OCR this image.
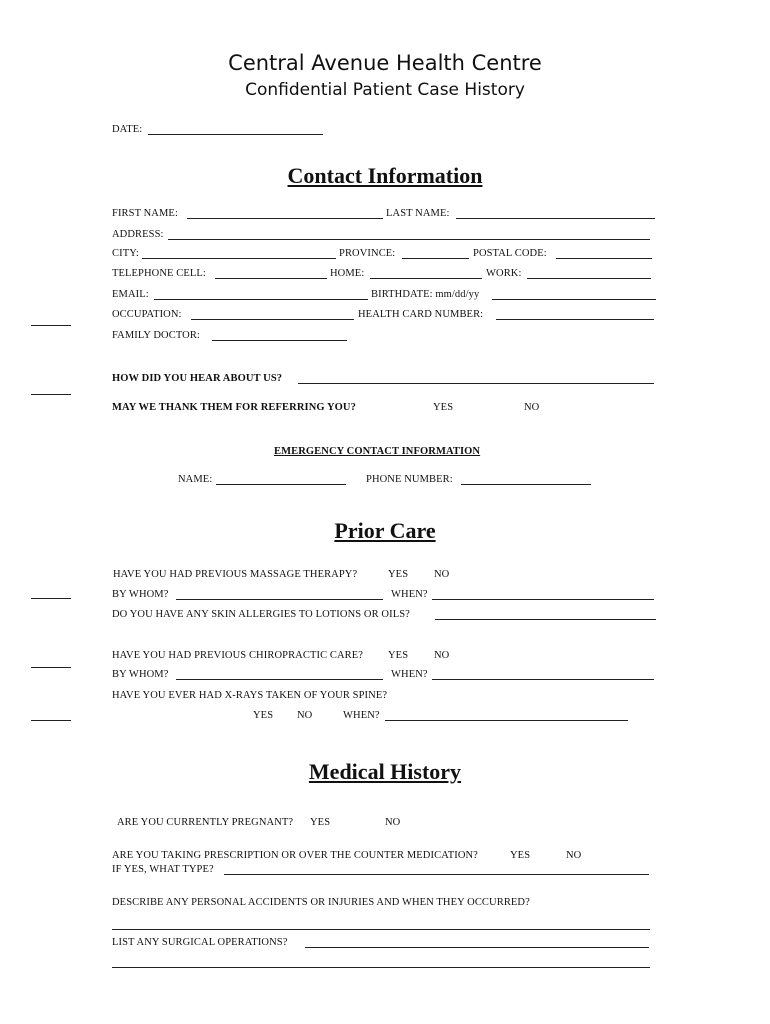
Central Avenue Health Centre
Confidential Patient Case History
DATE:
Contact Information
FIRST NAME:	LAST NAME:
ADDRESS:
CITY:	PROVINCE:	POSTAL CODE:
TELEPHONE CELL:	HOME:	WORK:
EMAIL:	BIRTHDATE: mm/dd/yy
OCCUPATION:	HEALTH CARD NUMBER:
FAMILY DOCTOR:
HOW DID YOU HEAR ABOUT US?
MAY WE THANK THEM FOR REFERRING YOU?	YES	NO
EMERGENCY CONTACT INFORMATION
NAME:	PHONE NUMBER:
Prior Care
HAVE YOU HAD PREVIOUS MASSAGE THERAPY?	YES NO
BY WHOM?	WHEN?
DO YOU HAVE ANY SKIN ALLERGIES TO LOTIONS OR OILS?
HAVE YOU HAD PREVIOUS CHIROPRACTIC CARE? YES NO
BY WHOM?	WHEN?
HAVE YOU EVER HAD X-RAYS TAKEN OF YOUR SPINE?
YES NO	WHEN?
Medical History
ARE YOU CURRENTLY PREGNANT? YES	NO
ARE YOU TAKING PRESCRIPTION OR OVER THE COUNTER MEDICATION?	YES	NO
IF YES, WHAT TYPE?
DESCRIBE ANY PERSONAL ACCIDENTS OR INJURIES AND WHEN THEY OCCURRED?
LIST ANY SURGICAL OPERATIONS?
